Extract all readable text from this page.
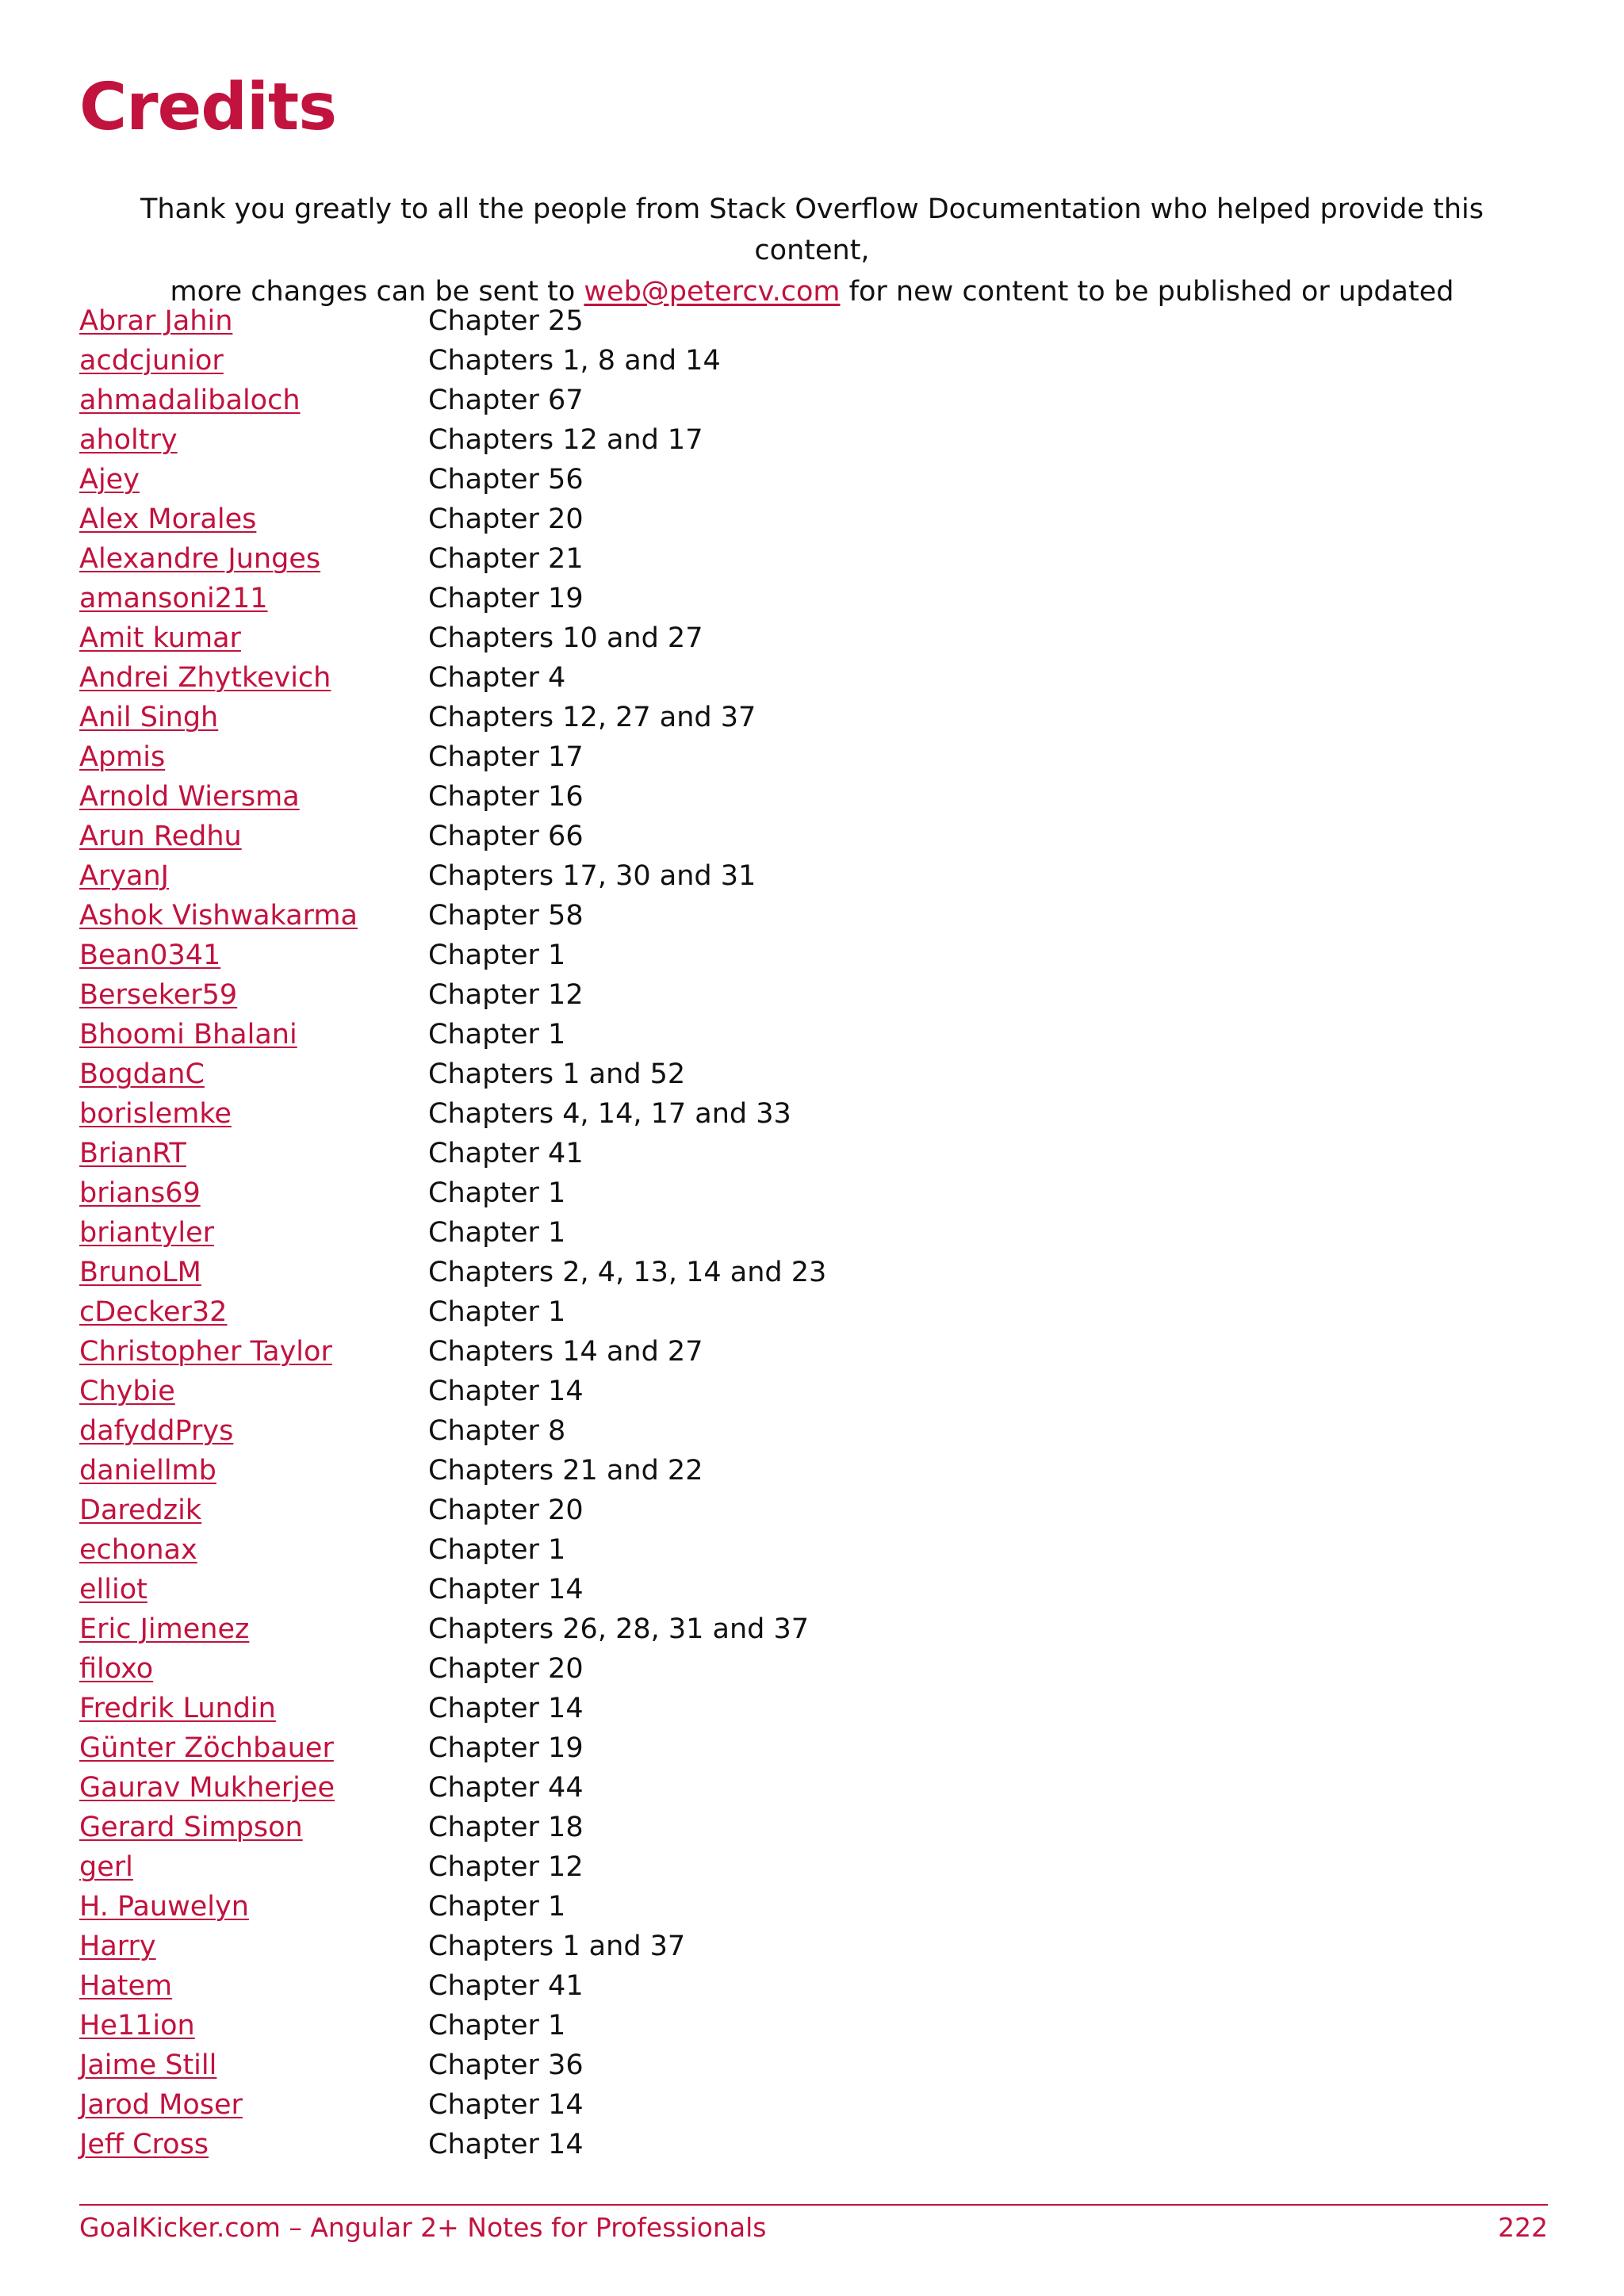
Credits
Thank you greatly to all the people from Stack Overflow Documentation who helped provide this content,
more changes can be sent to web@petercv.com for new content to be published or updated
Abrar Jahin	Chapter 25
acdcjunior	Chapters 1, 8 and 14
ahmadalibaloch	Chapter 67
aholtry	Chapters 12 and 17
Ajey	Chapter 56
Alex Morales	Chapter 20
Alexandre Junges	Chapter 21
amansoni211	Chapter 19
Amit kumar	Chapters 10 and 27
Andrei Zhytkevich	Chapter 4
Anil Singh	Chapters 12, 27 and 37
Apmis	Chapter 17
Arnold Wiersma	Chapter 16
Arun Redhu	Chapter 66
AryanJ	Chapters 17, 30 and 31
Ashok Vishwakarma	Chapter 58
Bean0341	Chapter 1
Berseker59	Chapter 12
Bhoomi Bhalani	Chapter 1
BogdanC	Chapters 1 and 52
borislemke	Chapters 4, 14, 17 and 33
BrianRT	Chapter 41
brians69	Chapter 1
briantyler	Chapter 1
BrunoLM	Chapters 2, 4, 13, 14 and 23
cDecker32	Chapter 1
Christopher Taylor	Chapters 14 and 27
Chybie	Chapter 14
dafyddPrys	Chapter 8
daniellmb	Chapters 21 and 22
Daredzik	Chapter 20
echonax	Chapter 1
elliot	Chapter 14
Eric Jimenez	Chapters 26, 28, 31 and 37
filoxo	Chapter 20
Fredrik Lundin	Chapter 14
Günter Zöchbauer	Chapter 19
Gaurav Mukherjee	Chapter 44
Gerard Simpson	Chapter 18
gerl	Chapter 12
H. Pauwelyn	Chapter 1
Harry	Chapters 1 and 37
Hatem	Chapter 41
He11ion	Chapter 1
Jaime Still	Chapter 36
Jarod Moser	Chapter 14
Jeff Cross	Chapter 14
GoalKicker.com – Angular 2+ Notes for Professionals	222
